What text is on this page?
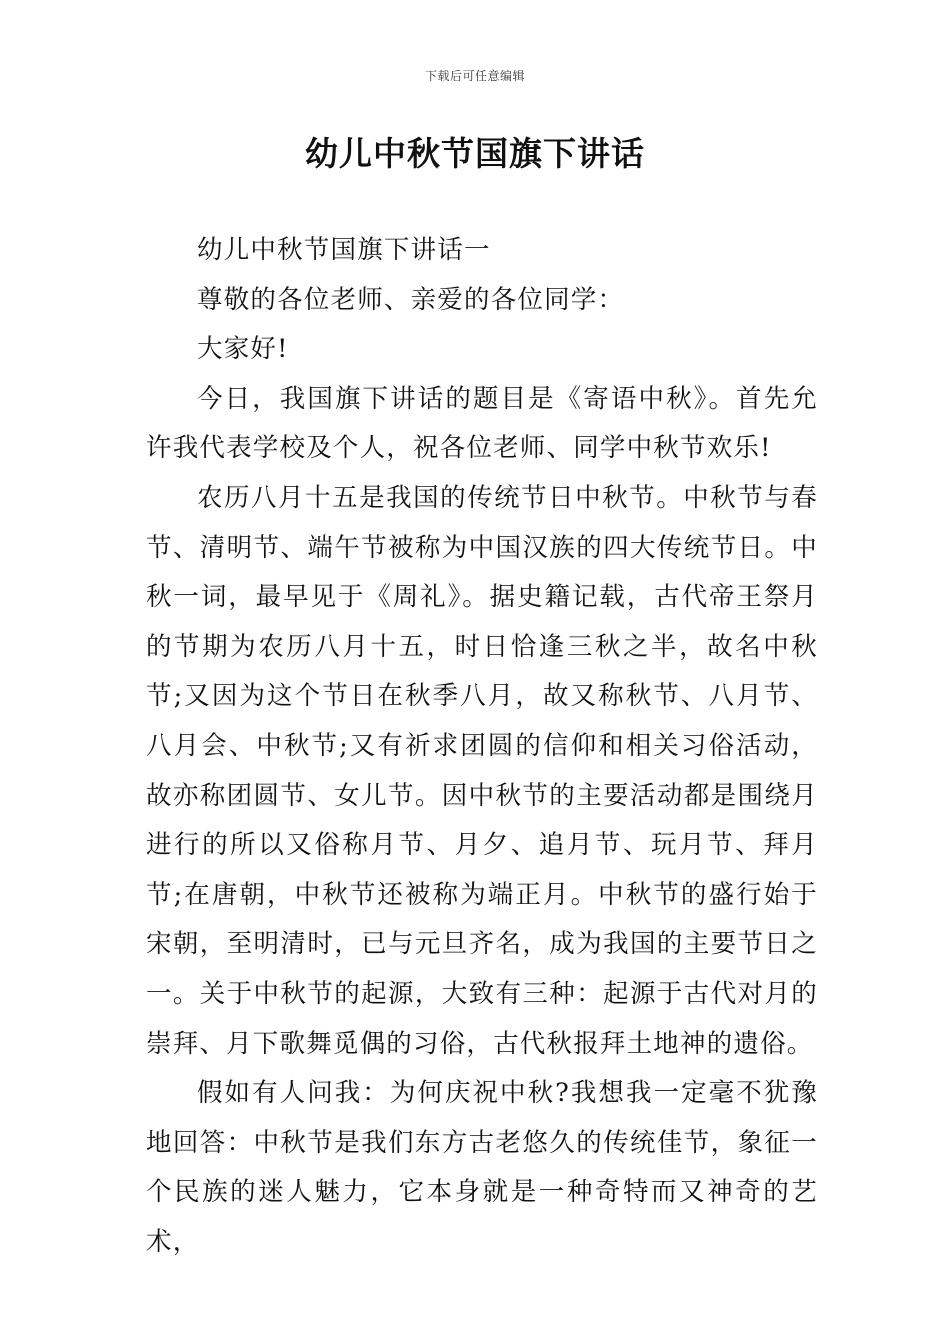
下载后可任意编辑
幼儿中秋节国旗下讲话

幼儿中秋节国旗下讲话一

尊敬的各位老师、亲爱的各位同学：

大家好!

今日，我国旗下讲话的题目是《寄语中秋》。首先允许我代表学校及个人，祝各位老师、同学中秋节欢乐!

农历八月十五是我国的传统节日中秋节。中秋节与春节、清明节、端午节被称为中国汉族的四大传统节日。中秋一词，最早见于《周礼》。据史籍记载，古代帝王祭月的节期为农历八月十五，时日恰逢三秋之半，故名中秋节;又因为这个节日在秋季八月，故又称秋节、八月节、八月会、中秋节;又有祈求团圆的信仰和相关习俗活动，故亦称团圆节、女儿节。因中秋节的主要活动都是围绕月进行的所以又俗称月节、月夕、追月节、玩月节、拜月节;在唐朝，中秋节还被称为端正月。中秋节的盛行始于宋朝，至明清时，已与元旦齐名，成为我国的主要节日之一。关于中秋节的起源，大致有三种：起源于古代对月的崇拜、月下歌舞觅偶的习俗，古代秋报拜土地神的遗俗。

假如有人问我：为何庆祝中秋?我想我一定毫不犹豫地回答：中秋节是我们东方古老悠久的传统佳节，象征一个民族的迷人魅力，它本身就是一种奇特而又神奇的艺术，
